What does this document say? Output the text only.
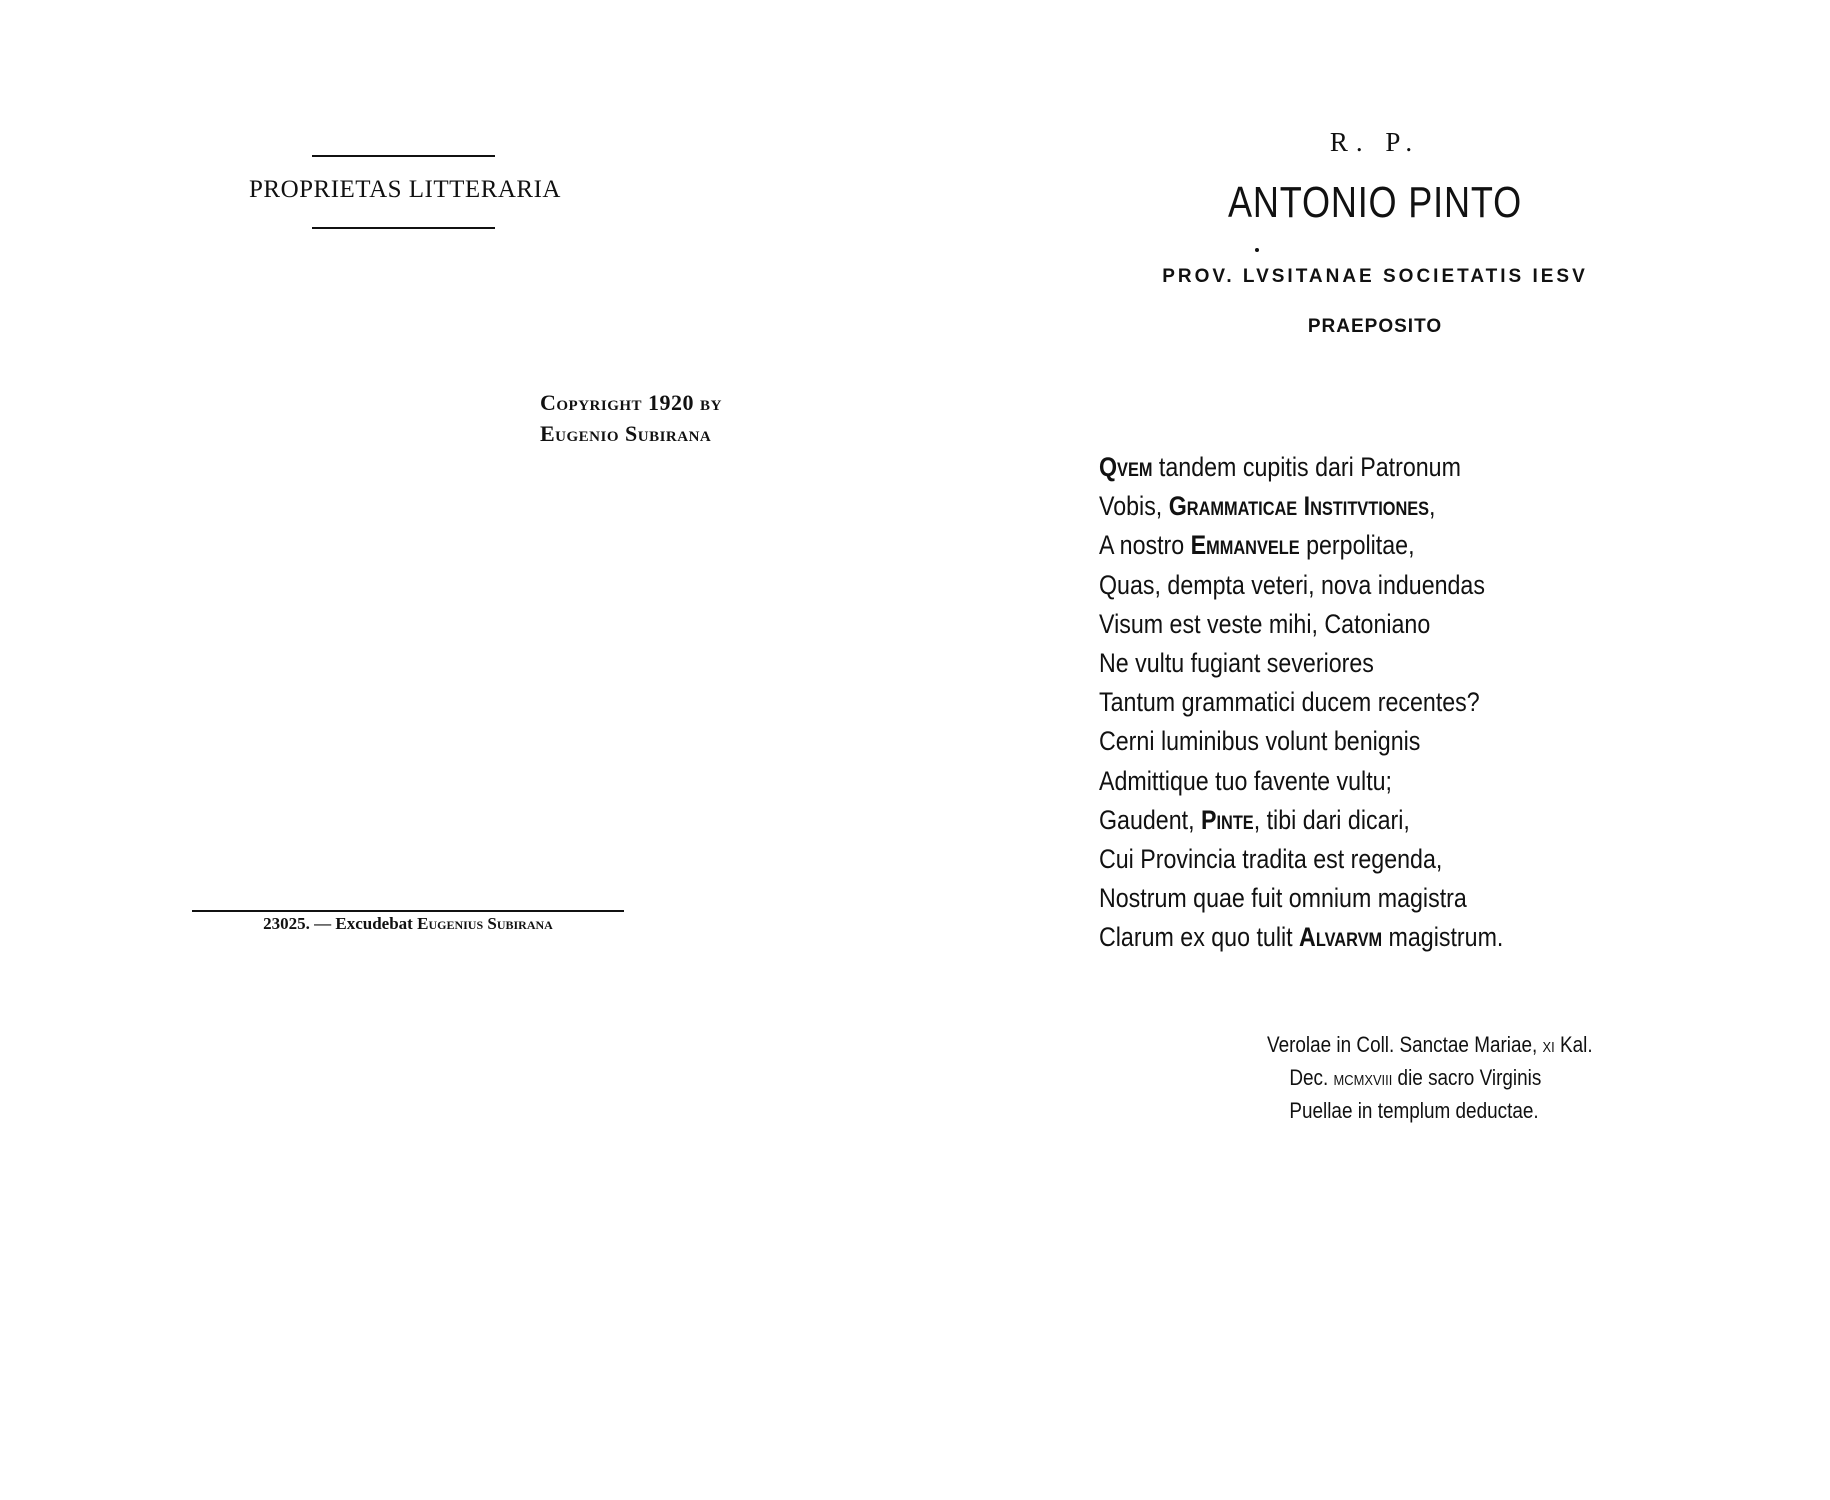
PROPRIETAS LITTERARIA
Copyright 1920 by
Eugenio Subirana
23025. — Excudebat Eugenius Subirana
R. P.
ANTONIO PINTO
PROV. LVSITANAE SOCIETATIS IESV
PRAEPOSITO
Qvem tandem cupitis dari Patronum
Vobis, Grammaticae Institvtiones,
A nostro Emmanvele perpolitae,
Quas, dempta veteri, nova induendas
Visum est veste mihi, Catoniano
Ne vultu fugiant severiores
Tantum grammatici ducem recentes?
Cerni luminibus volunt benignis
Admittique tuo favente vultu;
Gaudent, Pinte, tibi dari dicari,
Cui Provincia tradita est regenda,
Nostrum quae fuit omnium magistra
Clarum ex quo tulit Alvarvm magistrum.
Verolae in Coll. Sanctae Mariae, xi Kal.
Dec. mcmxviii die sacro Virginis
Puellae in templum deductae.
